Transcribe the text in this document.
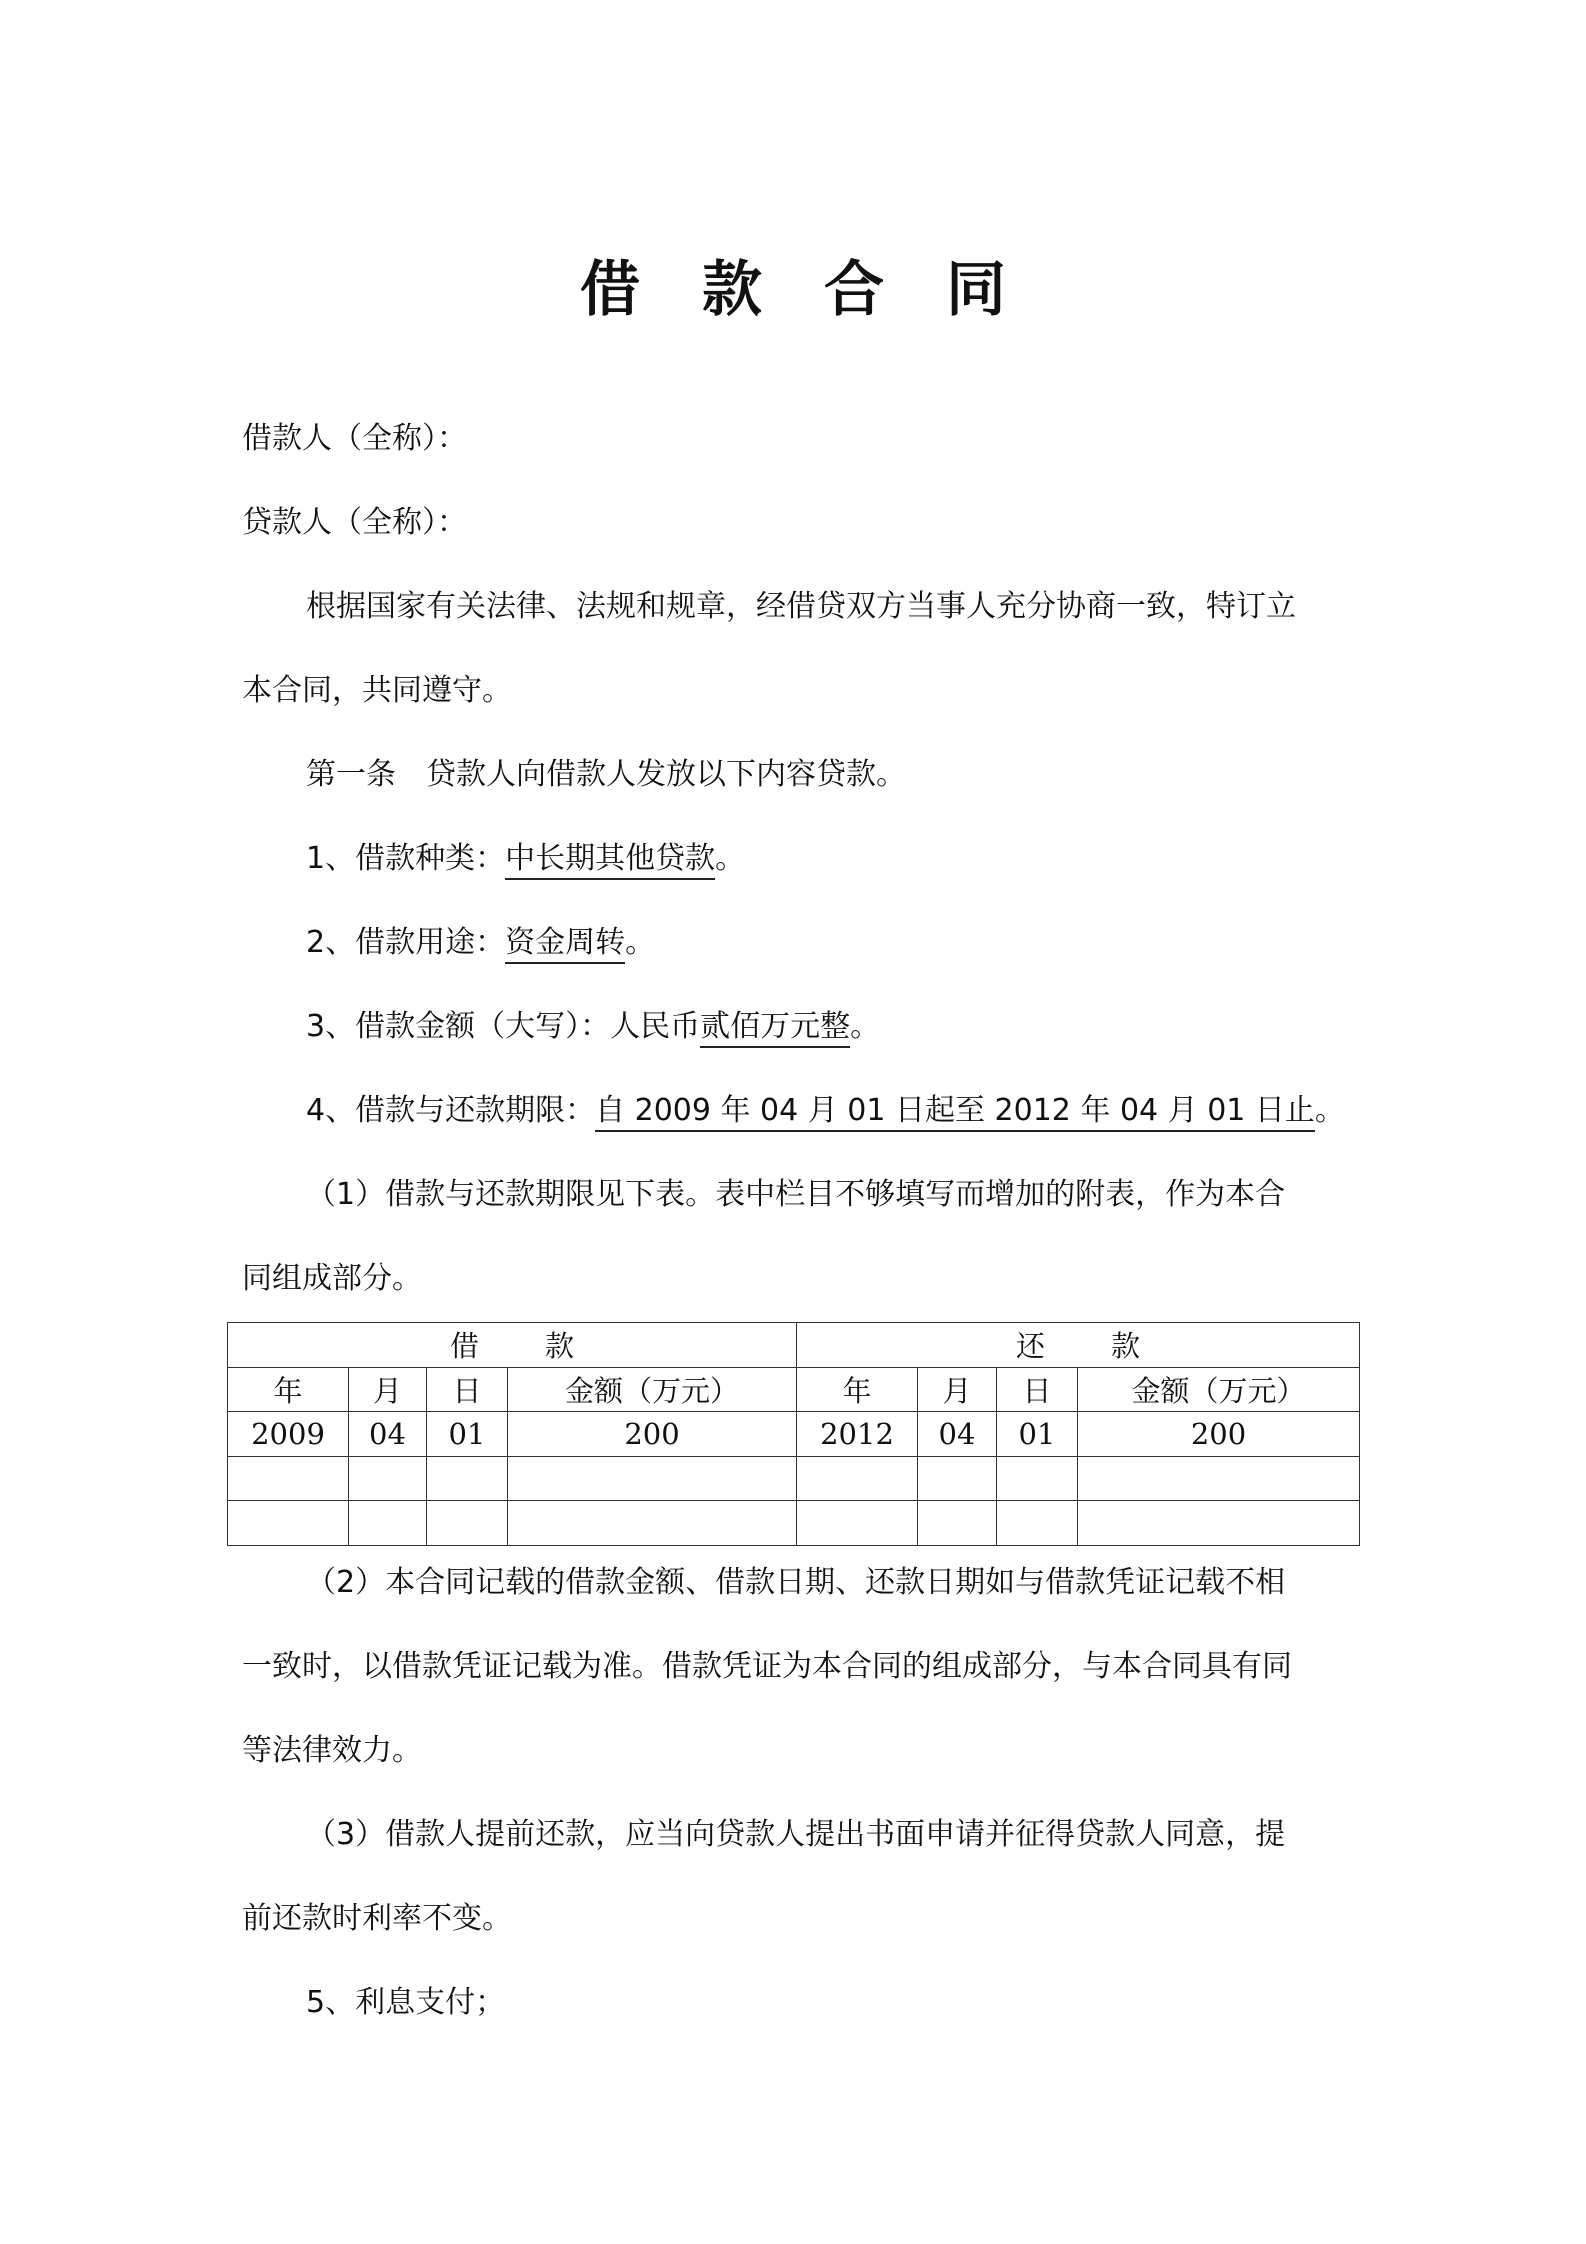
借款合同
借款人（全称）：
贷款人（全称）：
根据国家有关法律、法规和规章，经借贷双方当事人充分协商一致，特订立
本合同，共同遵守。
第一条 贷款人向借款人发放以下内容贷款。
1、借款种类：中长期其他贷款。
2、借款用途：资金周转。
3、借款金额（大写）：人民币贰佰万元整。
4、借款与还款期限：自 2009 年 04 月 01 日起至 2012 年 04 月 01 日止。
（1）借款与还款期限见下表。表中栏目不够填写而增加的附表，作为本合
同组成部分。
借款				还款			
年	月	日	金额（万元）	年	月	日	金额（万元）
2009	04	01	200	2012	04	01	200

（2）本合同记载的借款金额、借款日期、还款日期如与借款凭证记载不相
一致时，以借款凭证记载为准。借款凭证为本合同的组成部分，与本合同具有同
等法律效力。
（3）借款人提前还款，应当向贷款人提出书面申请并征得贷款人同意，提
前还款时利率不变。
5、利息支付；
